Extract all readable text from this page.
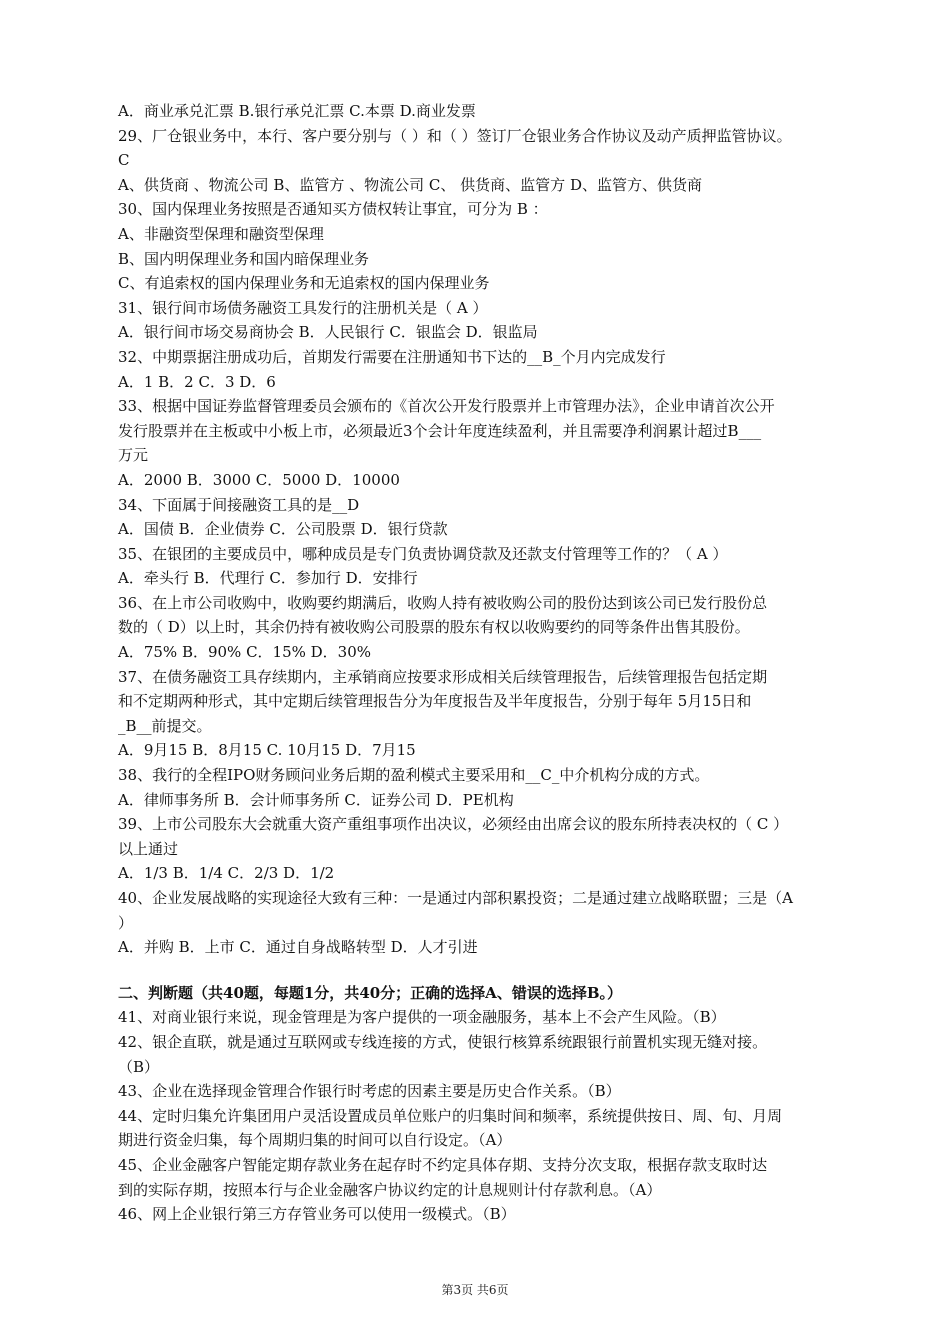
A．商业承兑汇票 B.银行承兑汇票 C.本票 D.商业发票
29、厂仓银业务中，本行、客户要分别与（ ）和（ ）签订厂仓银业务合作协议及动产质押监管协议。
C
A、供货商 、物流公司 B、监管方 、物流公司 C、 供货商、监管方 D、监管方、供货商
30、国内保理业务按照是否通知买方债权转让事宜，可分为 B ：
A、非融资型保理和融资型保理
B、国内明保理业务和国内暗保理业务
C、有追索权的国内保理业务和无追索权的国内保理业务
31、银行间市场债务融资工具发行的注册机关是（ A ）
A．银行间市场交易商协会 B．人民银行 C．银监会 D．银监局
32、中期票据注册成功后，首期发行需要在注册通知书下达的__B_个月内完成发行
A．1 B．2 C．3 D．6
33、根据中国证券监督管理委员会颁布的《首次公开发行股票并上市管理办法》，企业申请首次公开
发行股票并在主板或中小板上市，必须最近3个会计年度连续盈利，并且需要净利润累计超过B___
万元
A．2000 B．3000 C．5000 D．10000
34、下面属于间接融资工具的是__D
A．国债 B．企业债券 C．公司股票 D．银行贷款
35、在银团的主要成员中，哪种成员是专门负责协调贷款及还款支付管理等工作的？（ A ）
A．牵头行 B．代理行 C．参加行 D．安排行
36、在上市公司收购中，收购要约期满后，收购人持有被收购公司的股份达到该公司已发行股份总
数的（ D）以上时，其余仍持有被收购公司股票的股东有权以收购要约的同等条件出售其股份。
A．75% B．90% C．15% D．30%
37、在债务融资工具存续期内，主承销商应按要求形成相关后续管理报告，后续管理报告包括定期
和不定期两种形式，其中定期后续管理报告分为年度报告及半年度报告，分别于每年 5月15日和
_B__前提交。
A．9月15 B．8月15 C. 10月15 D．7月15
38、我行的全程IPO财务顾问业务后期的盈利模式主要采用和__C_中介机构分成的方式。
A．律师事务所 B．会计师事务所 C．证券公司 D．PE机构
39、上市公司股东大会就重大资产重组事项作出决议，必须经由出席会议的股东所持表决权的（ C ）
以上通过
A．1/3 B．1/4 C．2/3 D．1/2
40、企业发展战略的实现途径大致有三种：一是通过内部积累投资；二是通过建立战略联盟；三是（A
）
A．并购 B．上市 C．通过自身战略转型 D．人才引进
二、判断题（共40题，每题1分，共40分；正确的选择A、错误的选择B。）
41、对商业银行来说，现金管理是为客户提供的一项金融服务，基本上不会产生风险。（B）
42、银企直联，就是通过互联网或专线连接的方式，使银行核算系统跟银行前置机实现无缝对接。
（B）
43、企业在选择现金管理合作银行时考虑的因素主要是历史合作关系。（B）
44、定时归集允许集团用户灵活设置成员单位账户的归集时间和频率，系统提供按日、周、旬、月周
期进行资金归集，每个周期归集的时间可以自行设定。（A）
45、企业金融客户智能定期存款业务在起存时不约定具体存期、支持分次支取，根据存款支取时达
到的实际存期，按照本行与企业金融客户协议约定的计息规则计付存款利息。（A）
46、网上企业银行第三方存管业务可以使用一级模式。（B）
第3页 共6页
